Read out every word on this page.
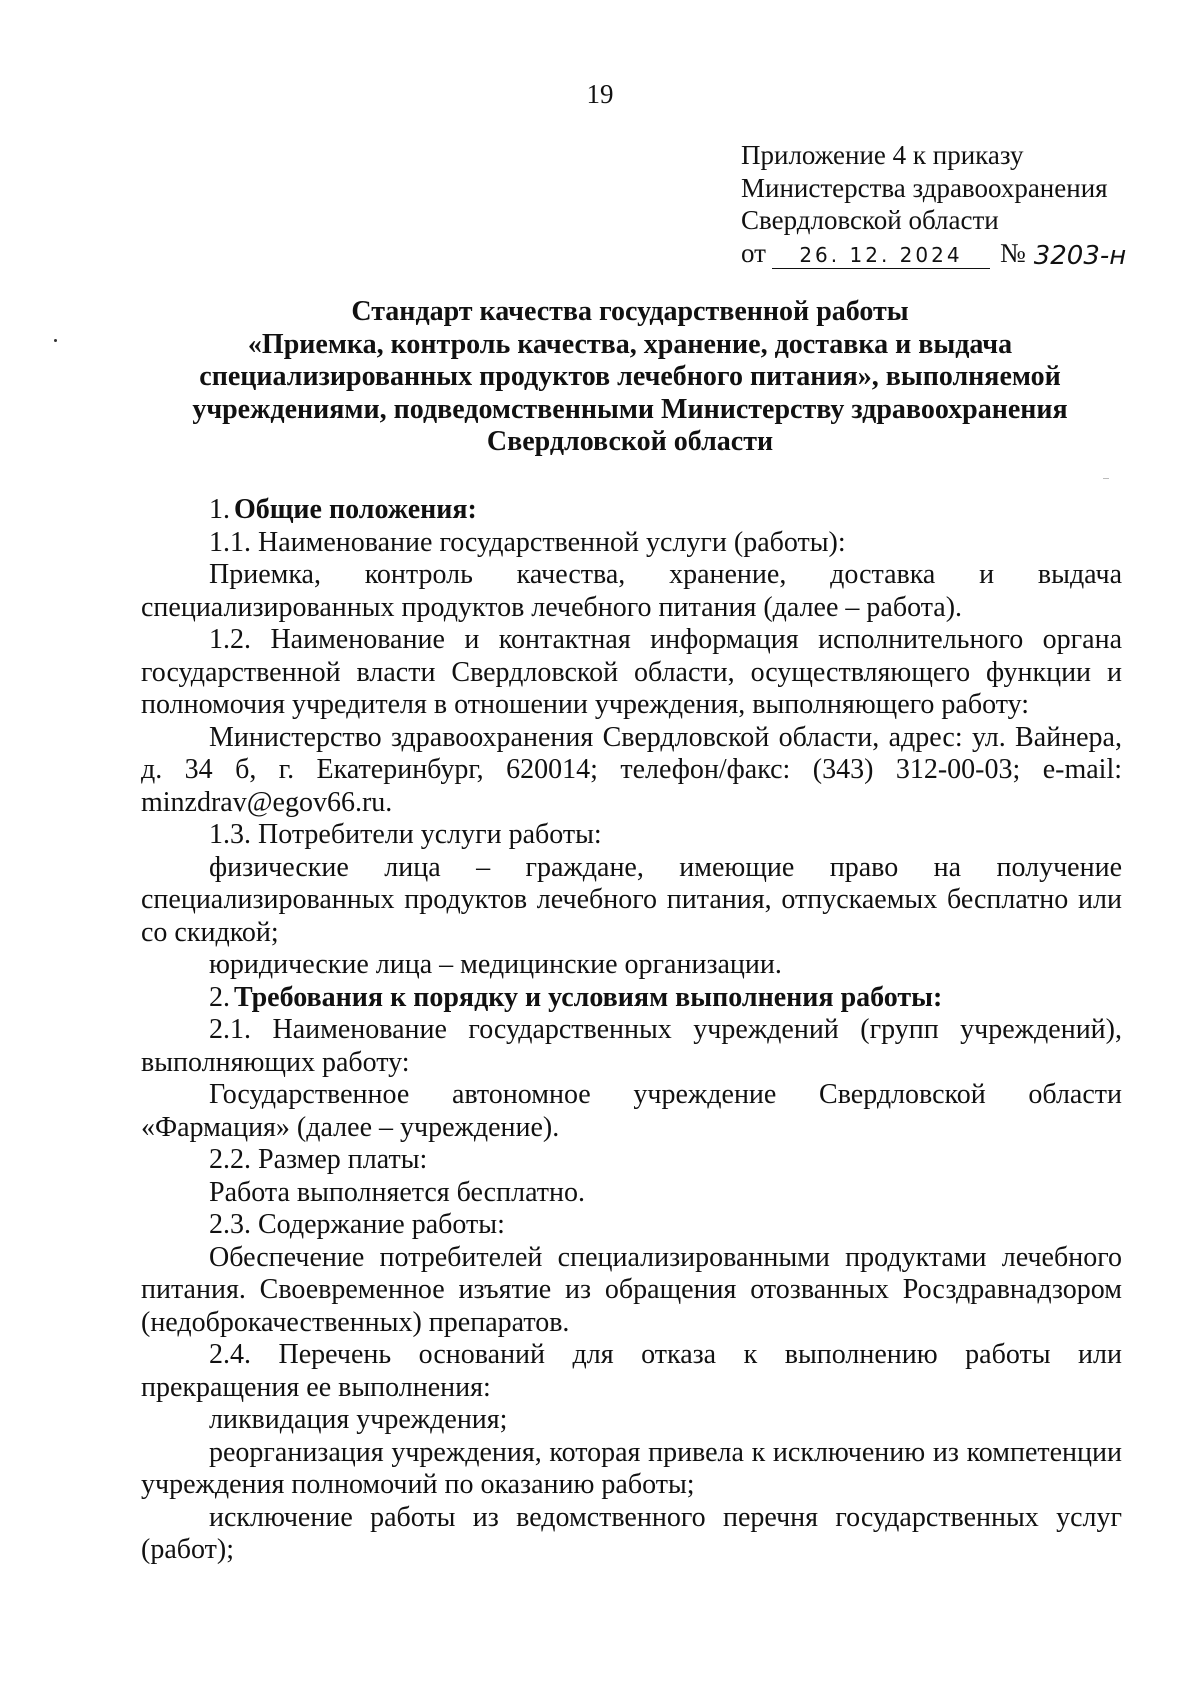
19
Приложение 4 к приказу
Министерства здравоохранения
Свердловской области
от	26. 12. 2024	№ 3203-н
Стандарт качества государственной работы
«Приемка, контроль качества, хранение, доставка и выдача
специализированных продуктов лечебного питания», выполняемой
учреждениями, подведомственными Министерству здравоохранения
Свердловской области

1. Общие положения:

1.1. Наименование государственной услуги (работы):

Приемка, контроль качества, хранение, доставка и выдача специализированных продуктов лечебного питания (далее – работа).

1.2. Наименование и контактная информация исполнительного органа государственной власти Свердловской области, осуществляющего функции и полномочия учредителя в отношении учреждения, выполняющего работу:

Министерство здравоохранения Свердловской области, адрес: ул. Вайнера, д. 34 б, г. Екатеринбург, 620014; телефон/факс: (343) 312-00-03; e-mail: minzdrav@egov66.ru.

1.3. Потребители услуги работы:

физические лица – граждане, имеющие право на получение специализированных продуктов лечебного питания, отпускаемых бесплатно или со скидкой;

юридические лица – медицинские организации.

2. Требования к порядку и условиям выполнения работы:

2.1. Наименование государственных учреждений (групп учреждений), выполняющих работу:

Государственное автономное учреждение Свердловской области «Фармация» (далее – учреждение).

2.2. Размер платы:

Работа выполняется бесплатно.

2.3. Содержание работы:

Обеспечение потребителей специализированными продуктами лечебного питания. Своевременное изъятие из обращения отозванных Росздравнадзором (недоброкачественных) препаратов.

2.4. Перечень оснований для отказа к выполнению работы или прекращения ее выполнения:

ликвидация учреждения;

реорганизация учреждения, которая привела к исключению из компетенции учреждения полномочий по оказанию работы;

исключение работы из ведомственного перечня государственных услуг (работ);
